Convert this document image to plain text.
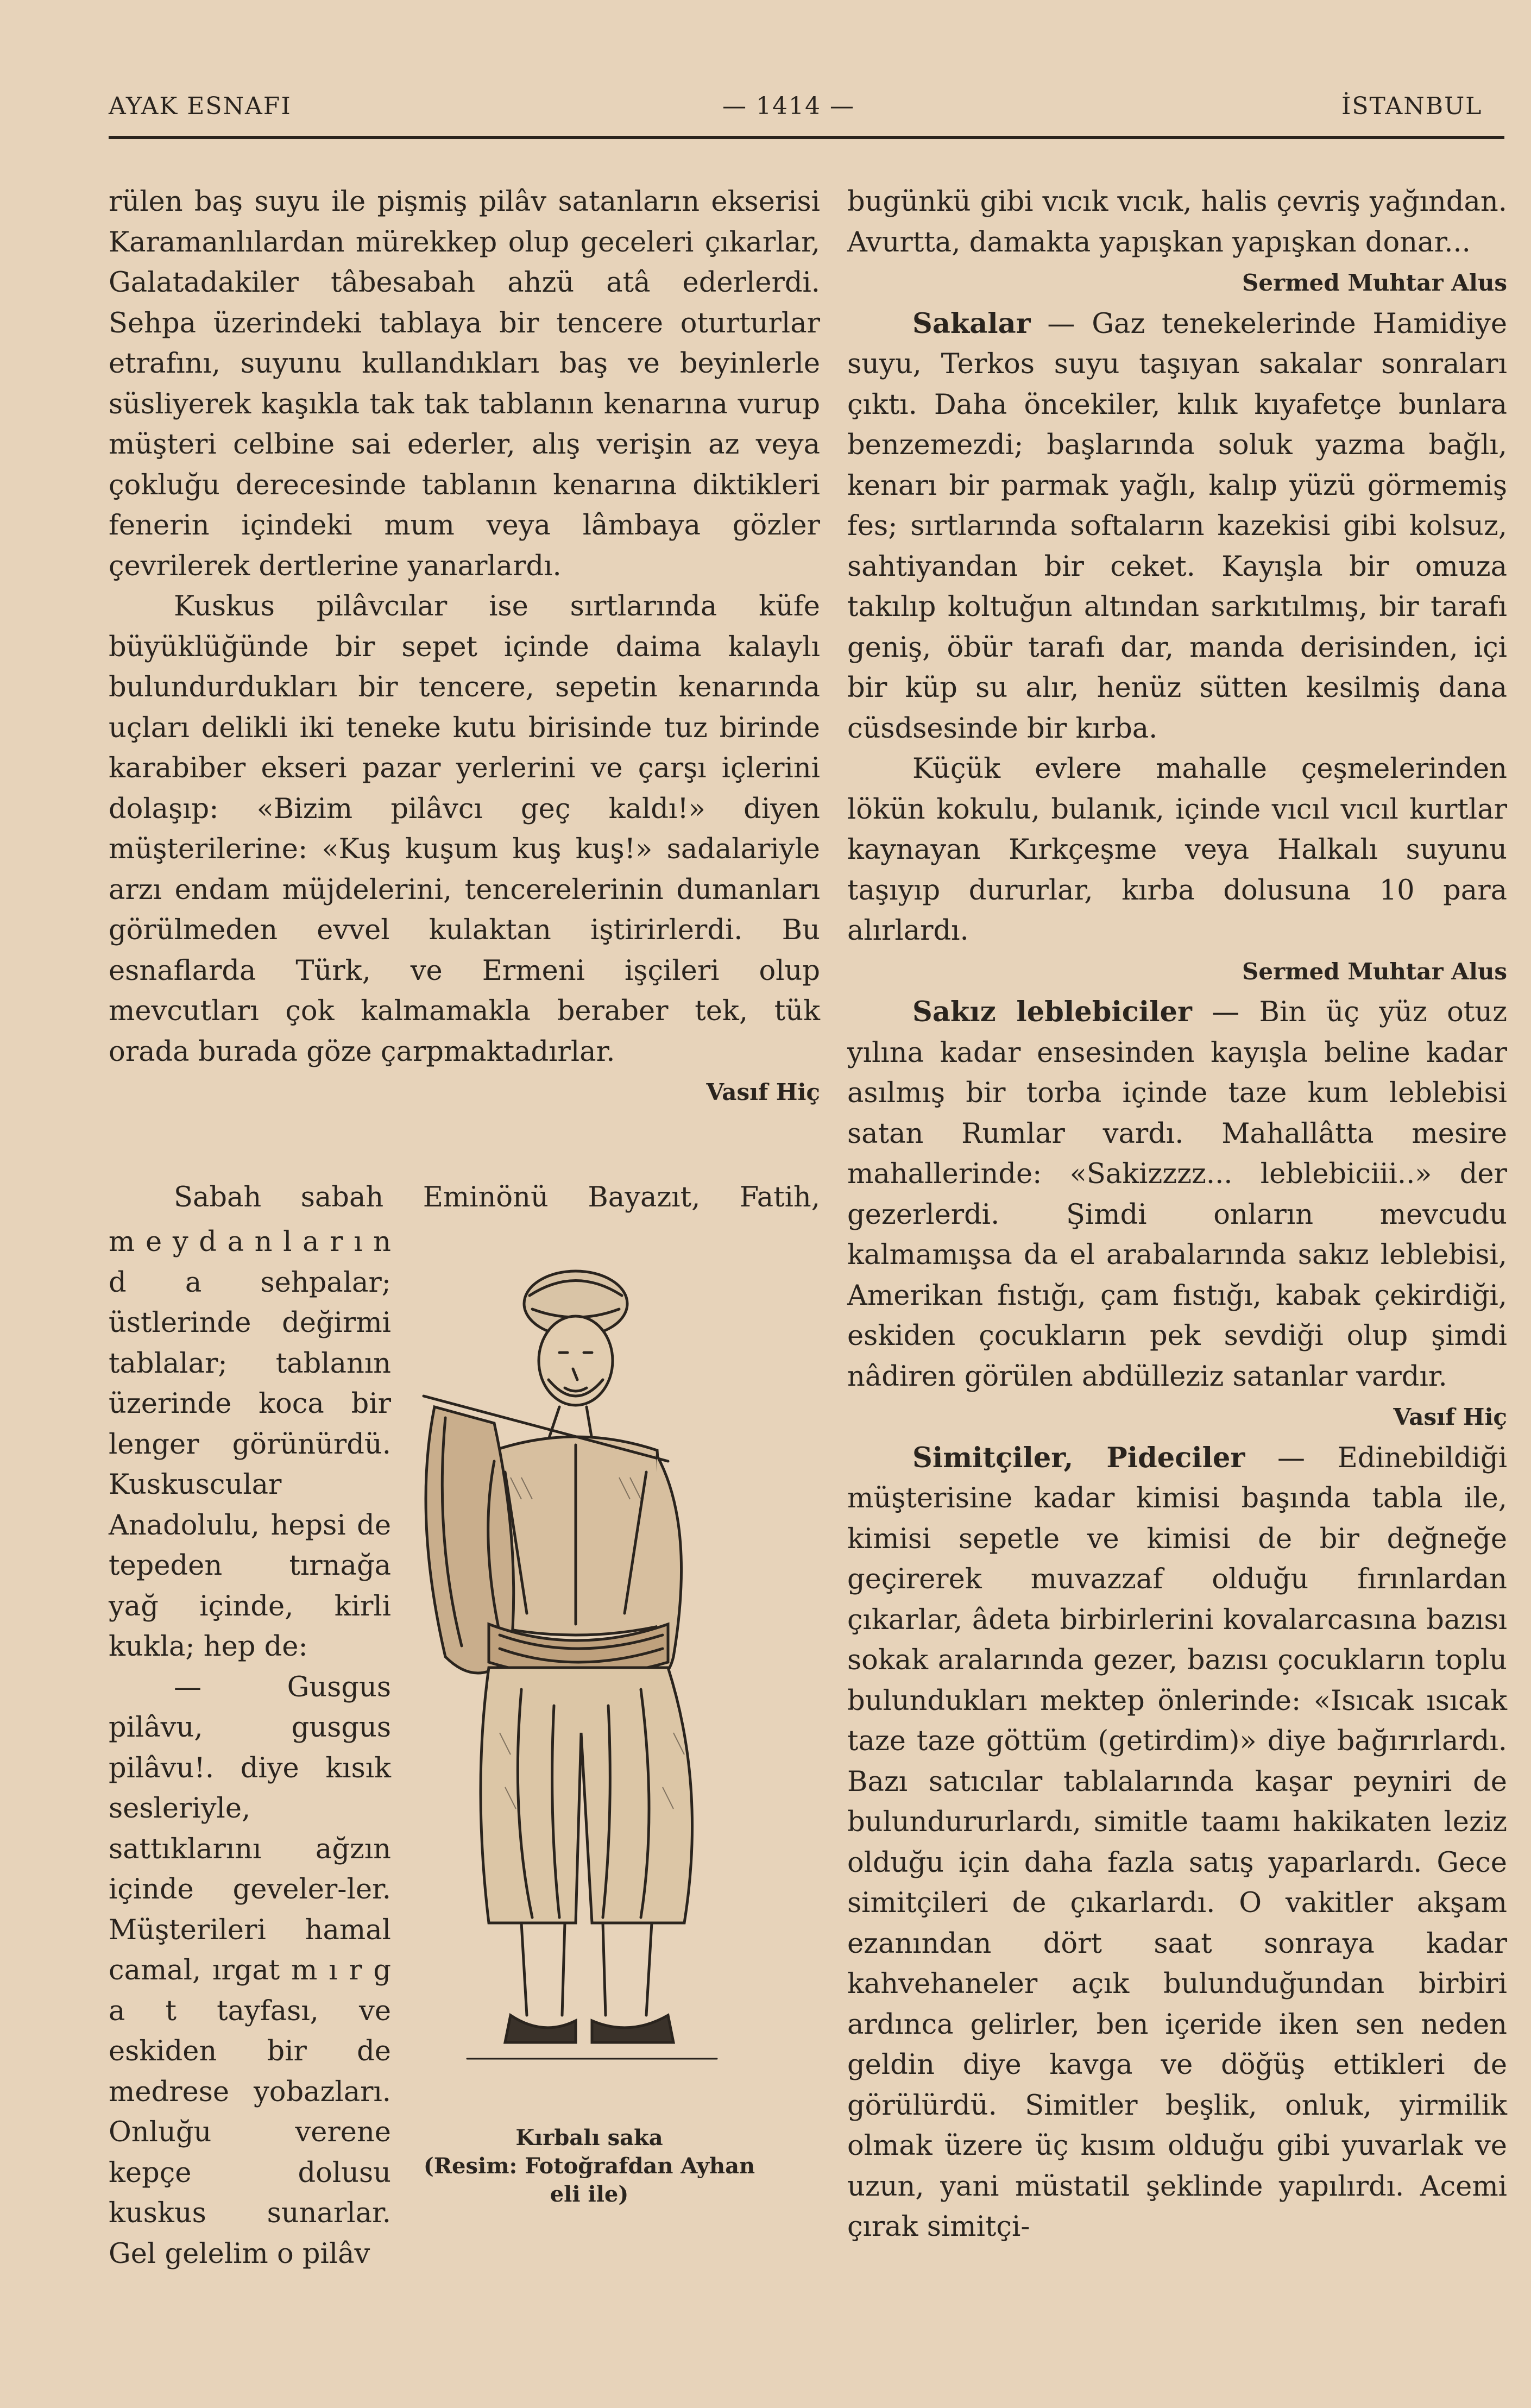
AYAK ESNAFI	— 1414 —	İSTANBUL

rülen baş suyu ile pişmiş pilâv satanların ekserisi Karamanlılardan mürekkep olup geceleri çıkarlar, Galatadakiler tâbesabah ahzü atâ ederlerdi. Sehpa üzerindeki tablaya bir tencere oturturlar etrafını, suyunu kullandıkları baş ve beyinlerle süsliyerek kaşıkla tak tak tablanın kenarına vurup müşteri celbine sai ederler, alış verişin az veya çokluğu derecesinde tablanın kenarına diktikleri fenerin içindeki mum veya lâmbaya gözler çevrilerek dertlerine yanarlardı.

Kuskus pilâvcılar ise sırtlarında küfe büyüklüğünde bir sepet içinde daima kalaylı bulundurdukları bir tencere, sepetin kenarında uçları delikli iki teneke kutu birisinde tuz birinde karabiber ekseri pazar yerlerini ve çarşı içlerini dolaşıp: «Bizim pilâvcı geç kaldı!» diyen müşterilerine: «Kuş kuşum kuş kuş!» sadalariyle arzı endam müjdelerini, tencerelerinin dumanları görülmeden evvel kulaktan iştirirlerdi. Bu esnaflarda Türk, ve Ermeni işçileri olup mevcutları çok kalmamakla beraber tek, tük orada burada göze çarpmaktadırlar.

Vasıf Hiç

Sabah sabah Eminönü Bayazıt, Fatih,

m e y d a n l a r ı n d a sehpalar; üstlerinde değirmi tablalar; tablanın üzerinde koca bir lenger görünürdü. Kuskuscular Anadolulu, hepsi de tepeden tırnağa yağ içinde, kirli kukla; hep de:

— Gusgus pilâvu, gusgus pilâvu!. diye kısık sesleriyle, sattıklarını ağzın içinde geveler-ler. Müşterileri hamal camal, ırgat m ı r g a t tayfası, ve eskiden bir de medrese yobazları. Onluğu verene kepçe dolusu kuskus sunarlar. Gel gelelim o pilâv

Kırbalı saka
(Resim: Fotoğrafdan Ayhan
eli ile)

bugünkü gibi vıcık vıcık, halis çevriş yağından. Avurtta, damakta yapışkan yapışkan donar...

Sermed Muhtar Alus

Sakalar — Gaz tenekelerinde Hamidiye suyu, Terkos suyu taşıyan sakalar sonraları çıktı. Daha öncekiler, kılık kıyafetçe bunlara benzemezdi; başlarında soluk yazma bağlı, kenarı bir parmak yağlı, kalıp yüzü görmemiş fes; sırtlarında softaların kazekisi gibi kolsuz, sahtiyandan bir ceket. Kayışla bir omuza takılıp koltuğun altından sarkıtılmış, bir tarafı geniş, öbür tarafı dar, manda derisinden, içi bir küp su alır, henüz sütten kesilmiş dana cüsdsesinde bir kırba.

Küçük evlere mahalle çeşmelerinden lökün kokulu, bulanık, içinde vıcıl vıcıl kurtlar kaynayan Kırkçeşme veya Halkalı suyunu taşıyıp dururlar, kırba dolusuna 10 para alırlardı.

Sermed Muhtar Alus

Sakız leblebiciler — Bin üç yüz otuz yılına kadar ensesinden kayışla beline kadar asılmış bir torba içinde taze kum leblebisi satan Rumlar vardı. Mahallâtta mesire mahallerinde: «Sakizzzz... leblebiciii..» der gezerlerdi. Şimdi onların mevcudu kalmamışsa da el arabalarında sakız leblebisi, Amerikan fıstığı, çam fıstığı, kabak çekirdiği, eskiden çocukların pek sevdiği olup şimdi nâdiren görülen abdülleziz satanlar vardır.

Vasıf Hiç

Simitçiler, Pideciler — Edinebildiği müşterisine kadar kimisi başında tabla ile, kimisi sepetle ve kimisi de bir değneğe geçirerek muvazzaf olduğu fırınlardan çıkarlar, âdeta birbirlerini kovalarcasına bazısı sokak aralarında gezer, bazısı çocukların toplu bulundukları mektep önlerinde: «Isıcak ısıcak taze taze göttüm (getirdim)» diye bağırırlardı. Bazı satıcılar tablalarında kaşar peyniri de bulundururlardı, simitle taamı hakikaten leziz olduğu için daha fazla satış yaparlardı. Gece simitçileri de çıkarlardı. O vakitler akşam ezanından dört saat sonraya kadar kahvehaneler açık bulunduğundan birbiri ardınca gelirler, ben içeride iken sen neden geldin diye kavga ve döğüş ettikleri de görülürdü. Simitler beşlik, onluk, yirmilik olmak üzere üç kısım olduğu gibi yuvarlak ve uzun, yani müstatil şeklinde yapılırdı. Acemi çırak simitçi-
